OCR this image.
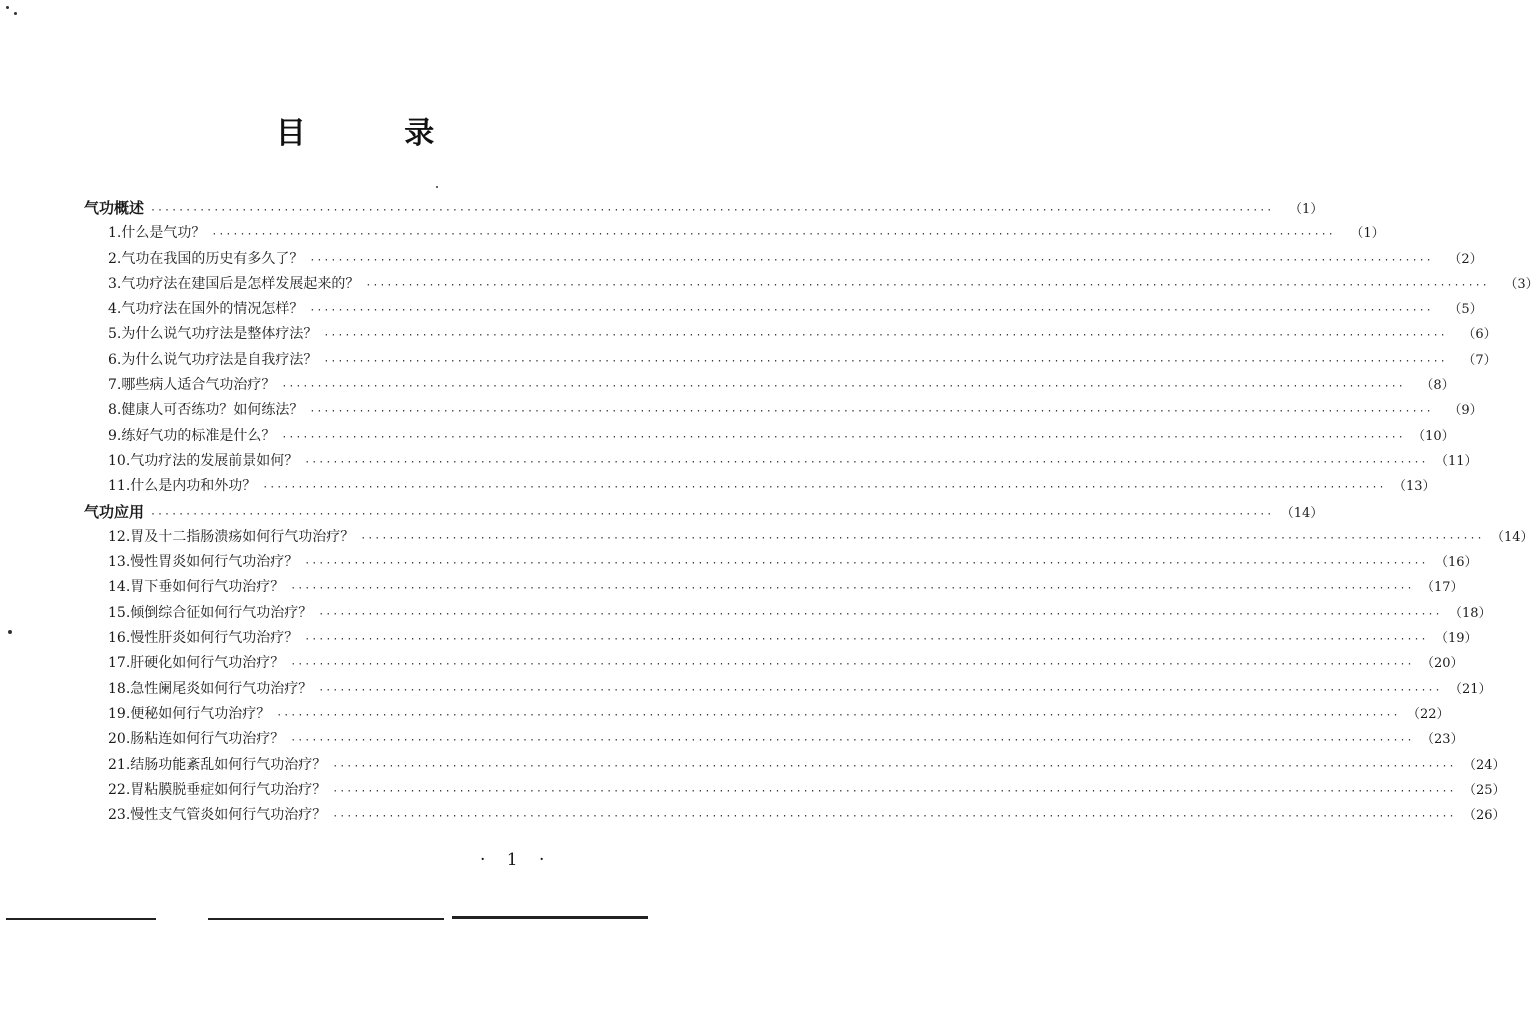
目 录
气功概述 ································································································································································	（1）
1.什么是气功？ ································································································································································	（1）
2.气功在我国的历史有多久了？ ································································································································································	（2）
3.气功疗法在建国后是怎样发展起来的？ ································································································································································	（3）
4.气功疗法在国外的情况怎样？ ································································································································································	（5）
5.为什么说气功疗法是整体疗法？ ································································································································································	（6）
6.为什么说气功疗法是自我疗法？ ································································································································································	（7）
7.哪些病人适合气功治疗？ ································································································································································	（8）
8.健康人可否练功？如何练法？ ································································································································································	（9）
9.练好气功的标准是什么？ ································································································································································ （10）
10.气功疗法的发展前景如何？ ································································································································································ （11）
11.什么是内功和外功？ ································································································································································ （13）
气功应用 ································································································································································ （14）
12.胃及十二指肠溃疡如何行气功治疗？ ································································································································································ （14）
13.慢性胃炎如何行气功治疗？ ································································································································································ （16）
14.胃下垂如何行气功治疗？ ································································································································································ （17）
15.倾倒综合征如何行气功治疗？ ································································································································································ （18）
16.慢性肝炎如何行气功治疗？ ································································································································································ （19）
17.肝硬化如何行气功治疗？ ································································································································································ （20）
18.急性阑尾炎如何行气功治疗？ ································································································································································ （21）
19.便秘如何行气功治疗？ ································································································································································ （22）
20.肠粘连如何行气功治疗？ ································································································································································ （23）
21.结肠功能紊乱如何行气功治疗？ ································································································································································ （24）
22.胃粘膜脱垂症如何行气功治疗？ ································································································································································ （25）
23.慢性支气管炎如何行气功治疗？ ································································································································································ （26）
· 1 ·
